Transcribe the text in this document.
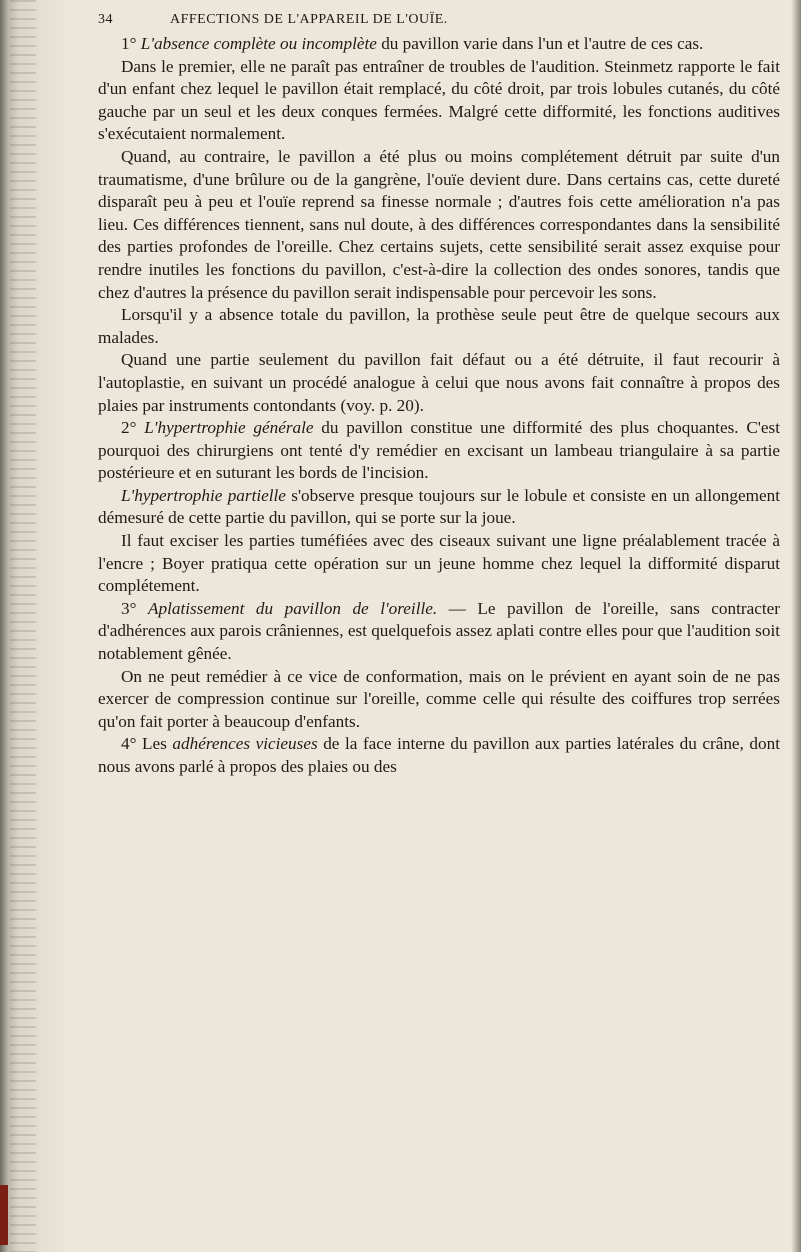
34	AFFECTIONS DE L'APPAREIL DE L'OUÏE.

1° L'absence complète ou incomplète du pavillon varie dans l'un et l'autre de ces cas.

Dans le premier, elle ne paraît pas entraîner de troubles de l'audition. Steinmetz rapporte le fait d'un enfant chez lequel le pavillon était remplacé, du côté droit, par trois lobules cutanés, du côté gauche par un seul et les deux conques fermées. Malgré cette difformité, les fonctions auditives s'exécutaient normalement.

Quand, au contraire, le pavillon a été plus ou moins complétement détruit par suite d'un traumatisme, d'une brûlure ou de la gangrène, l'ouïe devient dure. Dans certains cas, cette dureté disparaît peu à peu et l'ouïe reprend sa finesse normale ; d'autres fois cette amélioration n'a pas lieu. Ces différences tiennent, sans nul doute, à des différences correspondantes dans la sensibilité des parties profondes de l'oreille. Chez certains sujets, cette sensibilité serait assez exquise pour rendre inutiles les fonctions du pavillon, c'est-à-dire la collection des ondes sonores, tandis que chez d'autres la présence du pavillon serait indispensable pour percevoir les sons.

Lorsqu'il y a absence totale du pavillon, la prothèse seule peut être de quelque secours aux malades.

Quand une partie seulement du pavillon fait défaut ou a été détruite, il faut recourir à l'autoplastie, en suivant un procédé analogue à celui que nous avons fait connaître à propos des plaies par instruments contondants (voy. p. 20).

2° L'hypertrophie générale du pavillon constitue une difformité des plus choquantes. C'est pourquoi des chirurgiens ont tenté d'y remédier en excisant un lambeau triangulaire à sa partie postérieure et en suturant les bords de l'incision.

L'hypertrophie partielle s'observe presque toujours sur le lobule et consiste en un allongement démesuré de cette partie du pavillon, qui se porte sur la joue.

Il faut exciser les parties tuméfiées avec des ciseaux suivant une ligne préalablement tracée à l'encre ; Boyer pratiqua cette opération sur un jeune homme chez lequel la difformité disparut complétement.

3° Aplatissement du pavillon de l'oreille. — Le pavillon de l'oreille, sans contracter d'adhérences aux parois crâniennes, est quelquefois assez aplati contre elles pour que l'audition soit notablement gênée.

On ne peut remédier à ce vice de conformation, mais on le prévient en ayant soin de ne pas exercer de compression continue sur l'oreille, comme celle qui résulte des coiffures trop serrées qu'on fait porter à beaucoup d'enfants.

4° Les adhérences vicieuses de la face interne du pavillon aux parties latérales du crâne, dont nous avons parlé à propos des plaies ou des
